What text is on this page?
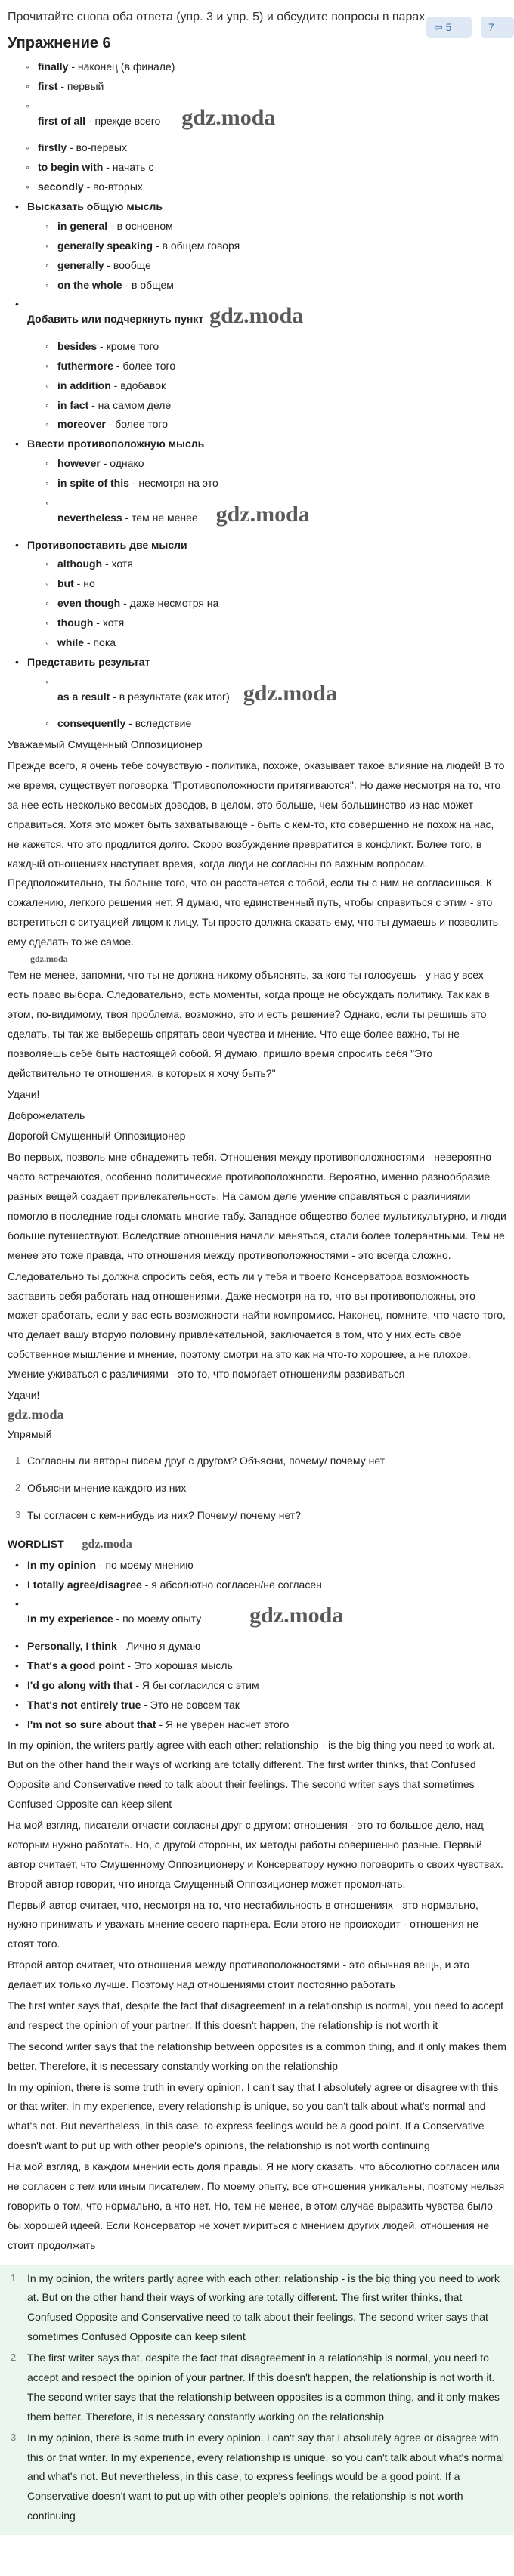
Прочитайте снова оба ответа (упр. 3 и упр. 5) и обсудите вопросы в парах
⇦ 5	7
Упражнение 6
◦ finally - наконец (в финале)
◦ first - первый
◦ first of all - прежде всего gdz.moda
◦ firstly - во-первых
◦ to begin with - начать с
◦ secondly - во-вторых
• Высказать общую мысль
◦ in general - в основном
◦ generally speaking - в общем говоря
◦ generally - вообще
◦ on the whole - в общем
• Добавить или подчеркнуть пункт gdz.moda
◦ besides - кроме того
◦ futhermore - более того
◦ in addition - вдобавок
◦ in fact - на самом деле
◦ moreover - более того
• Ввести противоположную мысль
◦ however - однако
◦ in spite of this - несмотря на это
◦ nevertheless - тем не менее gdz.moda
• Противопоставить две мысли
◦ although - хотя
◦ but - но
◦ even though - даже несмотря на
◦ though - хотя
◦ while - пока
• Представить результат
◦ as a result - в результате (как итог) gdz.moda
◦ consequently - вследствие
Уважаемый Смущенный Оппозиционер
Прежде всего, я очень тебе сочувствую - политика, похоже, оказывает такое влияние на людей! В то же время, существует поговорка "Противоположности притягиваются". Но даже несмотря на то, что за нее есть несколько весомых доводов, в целом, это больше, чем большинство из нас может справиться. Хотя это может быть захватывающе - быть с кем-то, кто совершенно не похож на нас, не кажется, что это продлится долго. Скоро возбуждение превратится в конфликт. Более того, в каждый отношениях наступает время, когда люди не согласны по важным вопросам. Предположительно, ты больше того, что он расстанется с тобой, если ты с ним не согласишься. К сожалению, легкого решения нет. Я думаю, что единственный путь, чтобы справиться с этим - это встретиться с ситуацией лицом к лицу. Ты просто должна сказать ему, что ты думаешь и позволить ему сделать то же самое.
gdz.moda
Тем не менее, запомни, что ты не должна никому объяснять, за кого ты голосуешь - у нас у всех есть право выбора. Следовательно, есть моменты, когда проще не обсуждать политику. Так как в этом, по-видимому, твоя проблема, возможно, это и есть решение? Однако, если ты решишь это сделать, ты так же выберешь спрятать свои чувства и мнение. Что еще более важно, ты не позволяешь себе быть настоящей собой. Я думаю, пришло время спросить себя "Это действительно те отношения, в которых я хочу быть?"
Удачи!
Доброжелатель
Дорогой Смущенный Оппозиционер
Во-первых, позволь мне обнадежить тебя. Отношения между противоположностями - невероятно часто встречаются, особенно политические противоположности. Вероятно, именно разнообразие разных вещей создает привлекательность. На самом деле умение справляться с различиями помогло в последние годы сломать многие табу. Западное общество более мультикультурно, и люди больше путешествуют. Вследствие отношения начали меняться, стали более толерантными. Тем не менее это тоже правда, что отношения между противоположностями - это всегда сложно.
Следовательно ты должна спросить себя, есть ли у тебя и твоего Консерватора возможность заставить себя работать над отношениями. Даже несмотря на то, что вы противоположны, это может сработать, если у вас есть возможности найти компромисс. Наконец, помните, что часто того, что делает вашу вторую половину привлекательной, заключается в том, что у них есть свое собственное мышление и мнение, поэтому смотри на это как на что-то хорошее, а не плохое. Умение уживаться с различиями - это то, что помогает отношениям развиваться
Удачи!
gdz.moda
Упрямый
1 Согласны ли авторы писем друг с другом? Объясни, почему/ почему нет
2 Объясни мнение каждого из них
3 Ты согласен с кем-нибудь из них? Почему/ почему нет?
WORDLIST gdz.moda
• In my opinion - по моему мнению
• I totally agree/disagree - я абсолютно согласен/не согласен
• In my experience - по моему опыту gdz.moda
• Personally, I think - Лично я думаю
• That's a good point - Это хорошая мысль
• I'd go along with that - Я бы согласился с этим
• That's not entirely true - Это не совсем так
• I'm not so sure about that - Я не уверен насчет этого
In my opinion, the writers partly agree with each other: relationship - is the big thing you need to work at. But on the other hand their ways of working are totally different. The first writer thinks, that Confused Opposite and Conservative need to talk about their feelings. The second writer says that sometimes Confused Opposite can keep silent
На мой взгляд, писатели отчасти согласны друг с другом: отношения - это то большое дело, над которым нужно работать. Но, с другой стороны, их методы работы совершенно разные. Первый автор считает, что Смущенному Оппозиционеру и Консерватору нужно поговорить о своих чувствах. Второй автор говорит, что иногда Смущенный Оппозиционер может промолчать.
Первый автор считает, что, несмотря на то, что нестабильность в отношениях - это нормально, нужно принимать и уважать мнение своего партнера. Если этого не происходит - отношения не стоят того.
Второй автор считает, что отношения между противоположностями - это обычная вещь, и это делает их только лучше. Поэтому над отношениями стоит постоянно работать
The first writer says that, despite the fact that disagreement in a relationship is normal, you need to accept and respect the opinion of your partner. If this doesn't happen, the relationship is not worth it
The second writer says that the relationship between opposites is a common thing, and it only makes them better. Therefore, it is necessary constantly working on the relationship
In my opinion, there is some truth in every opinion. I can't say that I absolutely agree or disagree with this or that writer. In my experience, every relationship is unique, so you can't talk about what's normal and what's not. But nevertheless, in this case, to express feelings would be a good point. If a Conservative doesn't want to put up with other people's opinions, the relationship is not worth continuing
На мой взгляд, в каждом мнении есть доля правды. Я не могу сказать, что абсолютно согласен или не согласен с тем или иным писателем. По моему опыту, все отношения уникальны, поэтому нельзя говорить о том, что нормально, а что нет. Но, тем не менее, в этом случае выразить чувства было бы хорошей идеей. Если Консерватор не хочет мириться с мнением других людей, отношения не стоит продолжать
1 In my opinion, the writers partly agree with each other: relationship - is the big thing you need to work at. But on the other hand their ways of working are totally different. The first writer thinks, that Confused Opposite and Conservative need to talk about their feelings. The second writer says that sometimes Confused Opposite can keep silent
2 The first writer says that, despite the fact that disagreement in a relationship is normal, you need to accept and respect the opinion of your partner. If this doesn't happen, the relationship is not worth it. The second writer says that the relationship between opposites is a common thing, and it only makes them better. Therefore, it is necessary constantly working on the relationship
3 In my opinion, there is some truth in every opinion. I can't say that I absolutely agree or disagree with this or that writer. In my experience, every relationship is unique, so you can't talk about what's normal and what's not. But nevertheless, in this case, to express feelings would be a good point. If a Conservative doesn't want to put up with other people's opinions, the relationship is not worth continuing
